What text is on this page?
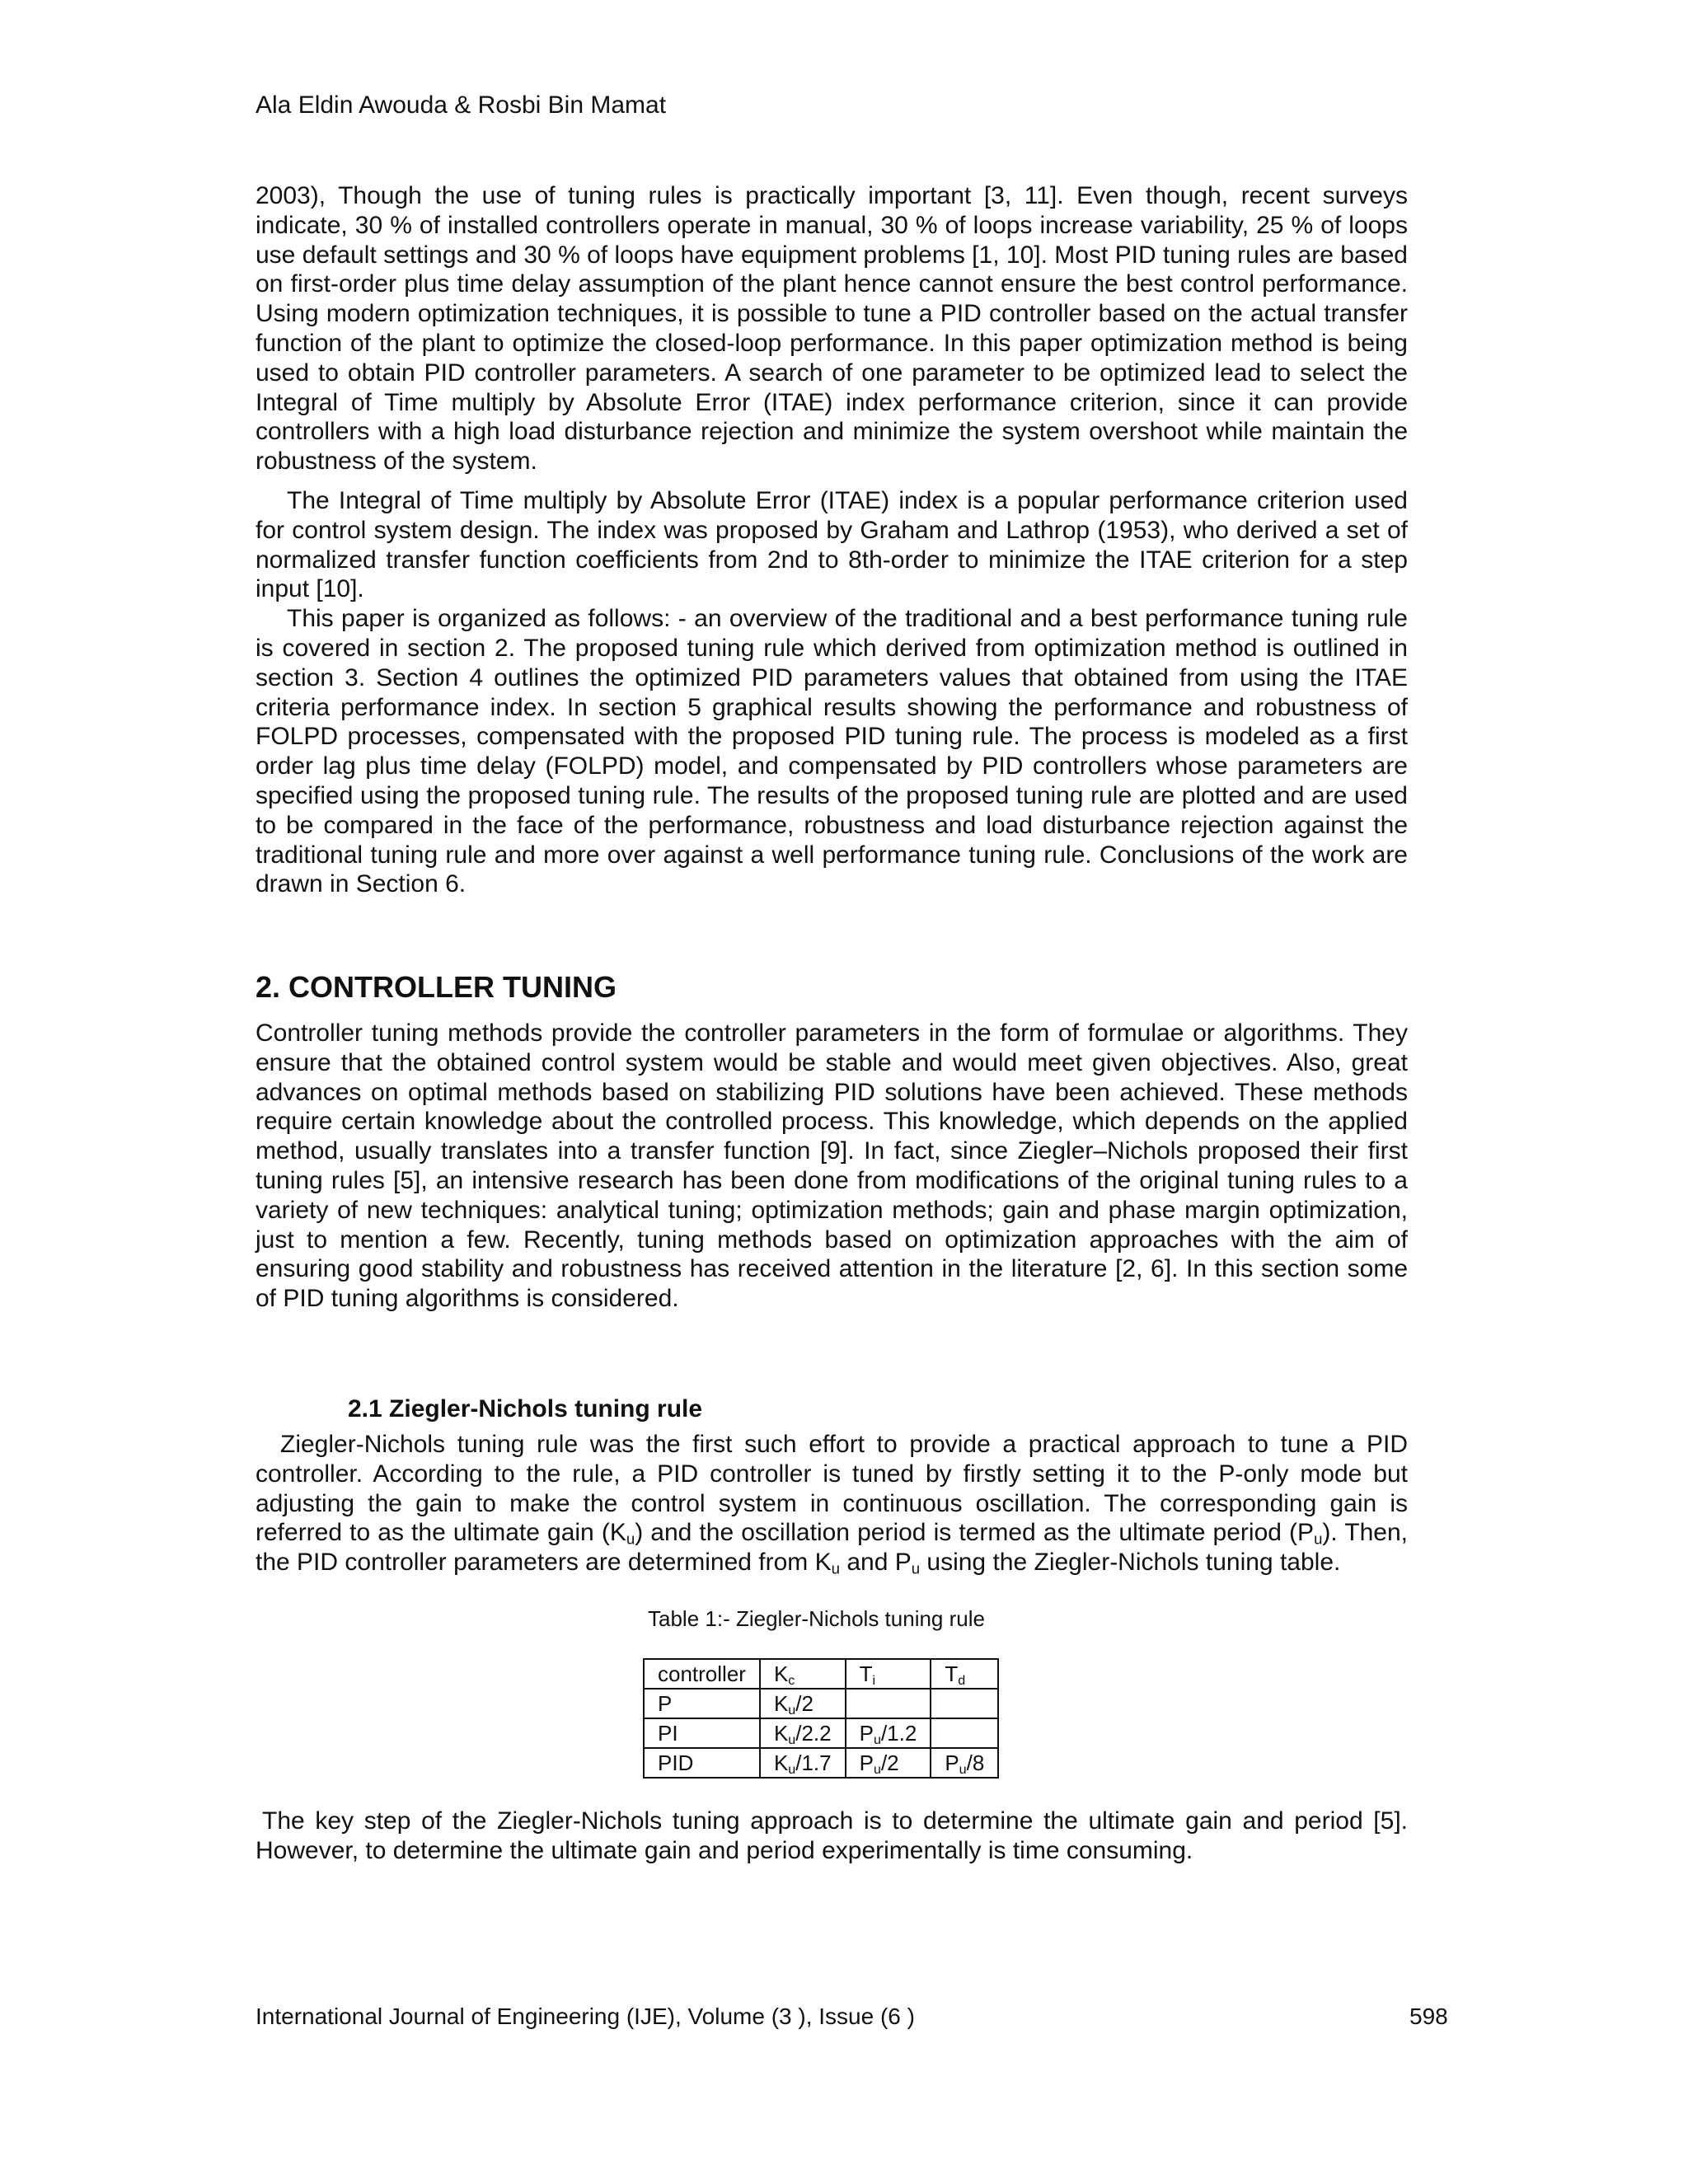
Ala Eldin Awouda & Rosbi Bin Mamat

2003), Though the use of tuning rules is practically important [3, 11]. Even though, recent surveys indicate, 30 % of installed controllers operate in manual, 30 % of loops increase variability, 25 % of loops use default settings and 30 % of loops have equipment problems [1, 10]. Most PID tuning rules are based on first-order plus time delay assumption of the plant hence cannot ensure the best control performance. Using modern optimization techniques, it is possible to tune a PID controller based on the actual transfer function of the plant to optimize the closed-loop performance. In this paper optimization method is being used to obtain PID controller parameters. A search of one parameter to be optimized lead to select the Integral of Time multiply by Absolute Error (ITAE) index performance criterion, since it can provide controllers with a high load disturbance rejection and minimize the system overshoot while maintain the robustness of the system.

The Integral of Time multiply by Absolute Error (ITAE) index is a popular performance criterion used for control system design. The index was proposed by Graham and Lathrop (1953), who derived a set of normalized transfer function coefficients from 2nd to 8th-order to minimize the ITAE criterion for a step input [10].

This paper is organized as follows: - an overview of the traditional and a best performance tuning rule is covered in section 2. The proposed tuning rule which derived from optimization method is outlined in section 3. Section 4 outlines the optimized PID parameters values that obtained from using the ITAE criteria performance index. In section 5 graphical results showing the performance and robustness of FOLPD processes, compensated with the proposed PID tuning rule. The process is modeled as a first order lag plus time delay (FOLPD) model, and compensated by PID controllers whose parameters are specified using the proposed tuning rule. The results of the proposed tuning rule are plotted and are used to be compared in the face of the performance, robustness and load disturbance rejection against the traditional tuning rule and more over against a well performance tuning rule. Conclusions of the work are drawn in Section 6.

2. CONTROLLER TUNING

Controller tuning methods provide the controller parameters in the form of formulae or algorithms. They ensure that the obtained control system would be stable and would meet given objectives. Also, great advances on optimal methods based on stabilizing PID solutions have been achieved. These methods require certain knowledge about the controlled process. This knowledge, which depends on the applied method, usually translates into a transfer function [9]. In fact, since Ziegler–Nichols proposed their first tuning rules [5], an intensive research has been done from modifications of the original tuning rules to a variety of new techniques: analytical tuning; optimization methods; gain and phase margin optimization, just to mention a few. Recently, tuning methods based on optimization approaches with the aim of ensuring good stability and robustness has received attention in the literature [2, 6]. In this section some of PID tuning algorithms is considered.

2.1 Ziegler-Nichols tuning rule

Ziegler-Nichols tuning rule was the first such effort to provide a practical approach to tune a PID controller. According to the rule, a PID controller is tuned by firstly setting it to the P-only mode but adjusting the gain to make the control system in continuous oscillation. The corresponding gain is referred to as the ultimate gain $(K_u)$ and the oscillation period is termed as the ultimate period $(P_u)$. Then, the PID controller parameters are determined from $K_u$ and $P_u$ using the Ziegler-Nichols tuning table.

Table 1:- Ziegler-Nichols tuning rule

controller	$K_c$	$T_i$	$T_d$
P	$K_u/2$		
PI	$K_u/2.2$	$P_u/1.2$	
PID	$K_u/1.7$	$P_u/2$	$P_u/8$

The key step of the Ziegler-Nichols tuning approach is to determine the ultimate gain and period [5]. However, to determine the ultimate gain and period experimentally is time consuming.

International Journal of Engineering (IJE), Volume (3 ), Issue (6 )	598
